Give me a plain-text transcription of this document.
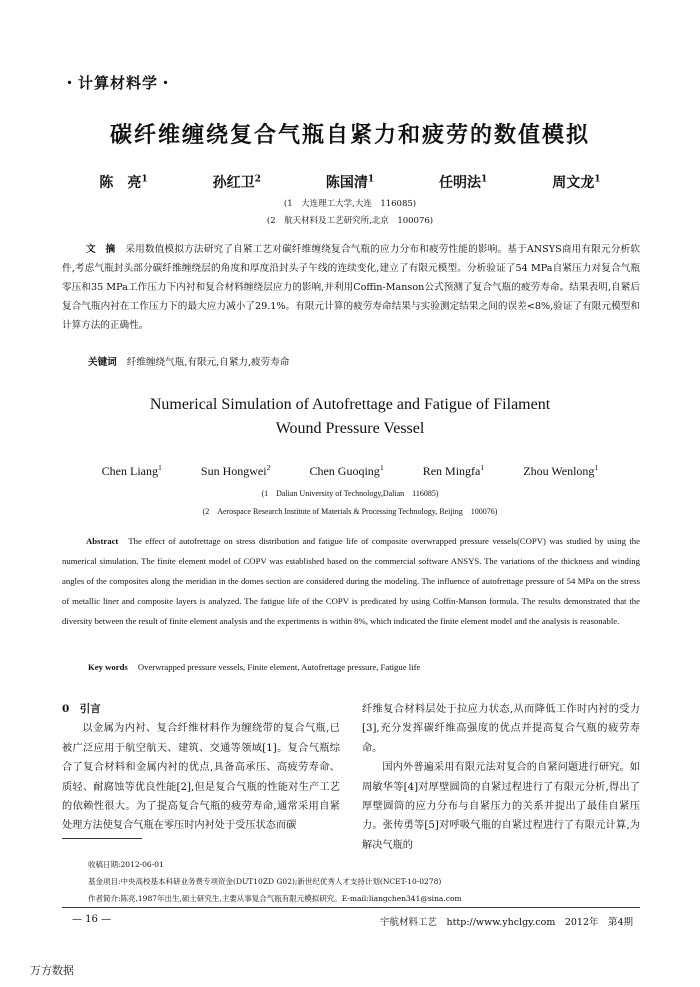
・计算材料学・
碳纤维缠绕复合气瓶自紧力和疲劳的数值模拟
陈　亮$^1$	孙红卫$^2$	陈国清$^1$	任明法$^1$	周文龙$^1$
(1　大连理工大学,大连　116085)
(2　航天材料及工艺研究所,北京　100076)
文　摘 采用数值模拟方法研究了自紧工艺对碳纤维缠绕复合气瓶的应力分布和疲劳性能的影响。基于ANSYS商用有限元分析软件,考虑气瓶封头部分碳纤维缠绕层的角度和厚度沿封头子午线的连续变化,建立了有限元模型。分析验证了54 MPa自紧压力对复合气瓶零压和35 MPa工作压力下内衬和复合材料缠绕层应力的影响,并利用Coffin-Manson公式预测了复合气瓶的疲劳寿命。结果表明,自紧后复合气瓶内衬在工作压力下的最大应力减小了29.1%。有限元计算的疲劳寿命结果与实验测定结果之间的误差<8%,验证了有限元模型和计算方法的正确性。
关键词 纤维缠绕气瓶,有限元,自紧力,疲劳寿命
Numerical Simulation of Autofrettage and Fatigue of Filament
Wound Pressure Vessel
Chen Liang$^1$	Sun Hongwei$^2$	Chen Guoqing$^1$	Ren Mingfa$^1$	Zhou Wenlong$^1$
(1　Dalian University of Technology,Dalian　116085)
(2　Aerospace Research Institute of Materials & Processing Technology, Beijing　100076)
Abstract The effect of autofrettage on stress distribution and fatigue life of composite overwrapped pressure vessels(COPV) was studied by using the numerical simulation. The finite element model of COPV was established based on the commercial software ANSYS. The variations of the thickness and winding angles of the composites along the meridian in the domes section are considered during the modeling. The influence of autofrettage pressure of 54 MPa on the stress of metallic liner and composite layers is analyzed. The fatigue life of the COPV is predicated by using Coffin-Manson formula. The results demonstrated that the diversity between the result of finite element analysis and the experiments is within 8%, which indicated the finite element model and the analysis is reasonable.
Key words Overwrapped pressure vessels, Finite element, Autofrettage pressure, Fatigue life
0　引言
以金属为内衬、复合纤维材料作为缠绕带的复合气瓶,已被广泛应用于航空航天、建筑、交通等领域[1]。复合气瓶综合了复合材料和金属内衬的优点,具备高承压、高疲劳寿命、质轻、耐腐蚀等优良性能[2],但是复合气瓶的性能对生产工艺的依赖性很大。为了提高复合气瓶的疲劳寿命,通常采用自紧处理方法使复合气瓶在零压时内衬处于受压状态而碳
纤维复合材料层处于拉应力状态,从而降低工作时内衬的受力[3],充分发挥碳纤维高强度的优点并提高复合气瓶的疲劳寿命。
国内外普遍采用有限元法对复合的自紧问题进行研究。如周敏华等[4]对厚壁圆筒的自紧过程进行了有限元分析,得出了厚壁圆筒的应力分布与自紧压力的关系并提出了最佳自紧压力。张传勇等[5]对呼吸气瓶的自紧过程进行了有限元计算,为解决气瓶的
收稿日期:2012-06-01
基金项目:中央高校基本科研业务费专项资金(DUT10ZD G02);新世纪优秀人才支持计划(NCET-10-0278)
作者简介:陈亮,1987年出生,硕士研究生,主要从事复合气瓶有限元模拟研究。E-mail:liangchen341@sina.com
— 16 —	宇航材料工艺　http://www.yhclgy.com　2012年　第4期
万方数据
